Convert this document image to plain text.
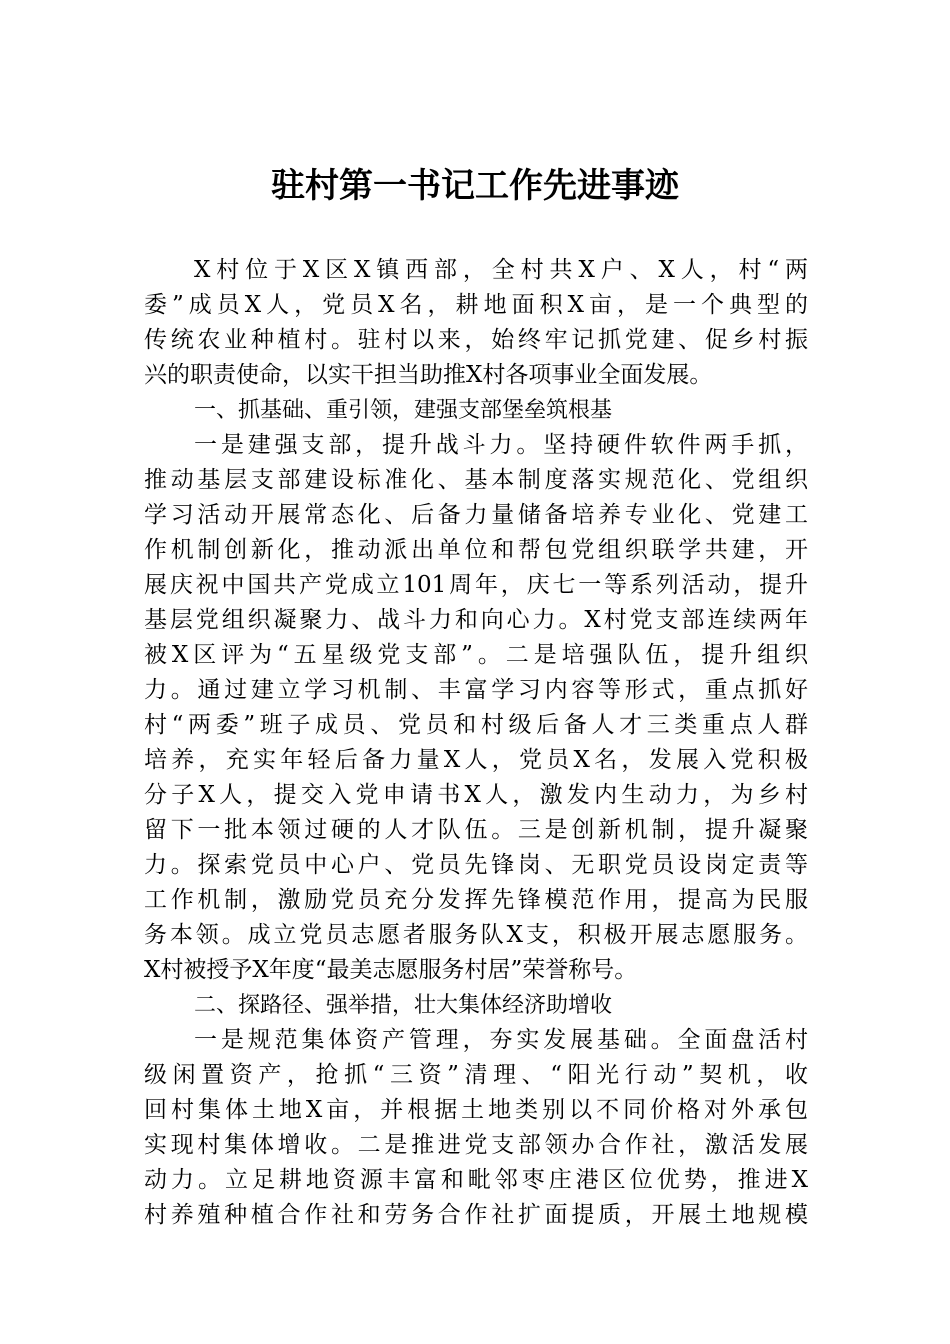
驻村第一书记工作先进事迹
X村位于X区X镇西部，全村共X户、X人，村“两
委”成员X人，党员X名，耕地面积X亩，是一个典型的
传统农业种植村。驻村以来，始终牢记抓党建、促乡村振
兴的职责使命，以实干担当助推X村各项事业全面发展。
一、抓基础、重引领，建强支部堡垒筑根基
一是建强支部，提升战斗力。坚持硬件软件两手抓，
推动基层支部建设标准化、基本制度落实规范化、党组织
学习活动开展常态化、后备力量储备培养专业化、党建工
作机制创新化，推动派出单位和帮包党组织联学共建，开
展庆祝中国共产党成立101周年，庆七一等系列活动，提升
基层党组织凝聚力、战斗力和向心力。X村党支部连续两年
被X区评为“五星级党支部”。二是培强队伍，提升组织
力。通过建立学习机制、丰富学习内容等形式，重点抓好
村“两委”班子成员、党员和村级后备人才三类重点人群
培养，充实年轻后备力量X人，党员X名，发展入党积极
分子X人，提交入党申请书X人，激发内生动力，为乡村
留下一批本领过硬的人才队伍。三是创新机制，提升凝聚
力。探索党员中心户、党员先锋岗、无职党员设岗定责等
工作机制，激励党员充分发挥先锋模范作用，提高为民服
务本领。成立党员志愿者服务队X支，积极开展志愿服务。
X村被授予X年度“最美志愿服务村居”荣誉称号。
二、探路径、强举措，壮大集体经济助增收
一是规范集体资产管理，夯实发展基础。全面盘活村
级闲置资产，抢抓“三资”清理、“阳光行动”契机，收
回村集体土地X亩，并根据土地类别以不同价格对外承包
实现村集体增收。二是推进党支部领办合作社，激活发展
动力。立足耕地资源丰富和毗邻枣庄港区位优势，推进X
村养殖种植合作社和劳务合作社扩面提质，开展土地规模
